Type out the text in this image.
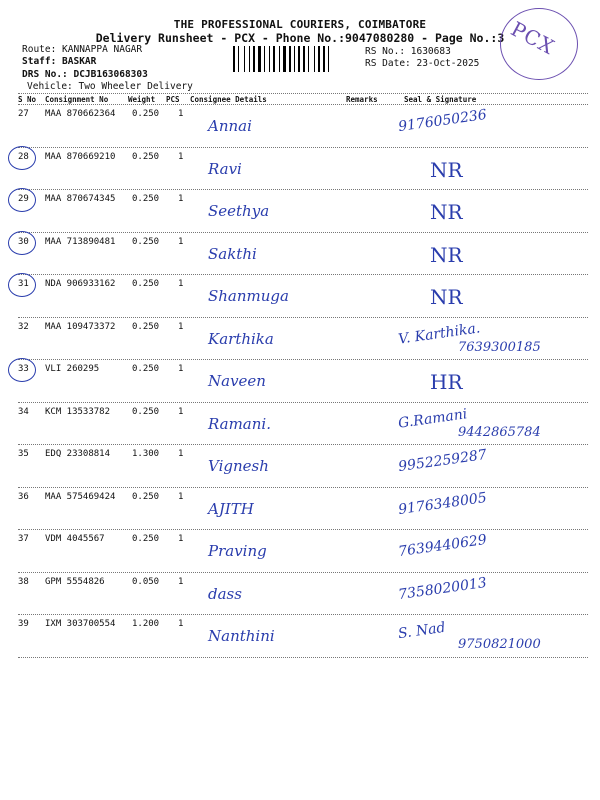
THE PROFESSIONAL COURIERS, COIMBATORE
Delivery Runsheet - PCX - Phone No.:9047080280 - Page No.:3
Route: KANNAPPA NAGAR
Staff: BASKAR
DRS No.: DCJB163068303
Vehicle: Two Wheeler Delivery
RS No.: 1630683
RS Date: 23-Oct-2025
PCX
S No Consignment No	Weight PCS Consignee Details	Remarks	Seal & Signature
27 MAA 870662364 0.250 1
Annai	9176050236
28 MAA 870669210 0.250 1
Ravi	NR
29 MAA 870674345 0.250 1
Seethya	NR
30 MAA 713890481 0.250 1
Sakthi	NR
31 NDA 906933162 0.250 1
Shanmuga	NR
32 MAA 109473372 0.250 1
Karthika	V. Karthika.
7639300185
33 VLI 260295	0.250 1
Naveen	HR
34 KCM 13533782 0.250 1
Ramani.	G.Ramani
9442865784
35 EDQ 23308814 1.300 1
Vignesh	9952259287
36 MAA 575469424 0.250 1
AJITH	9176348005
37 VDM 4045567	0.250 1
Praving	7639440629
38 GPM 5554826	0.050 1
dass	7358020013
39 IXM 303700554 1.200 1
Nanthini	S. Nad
9750821000
